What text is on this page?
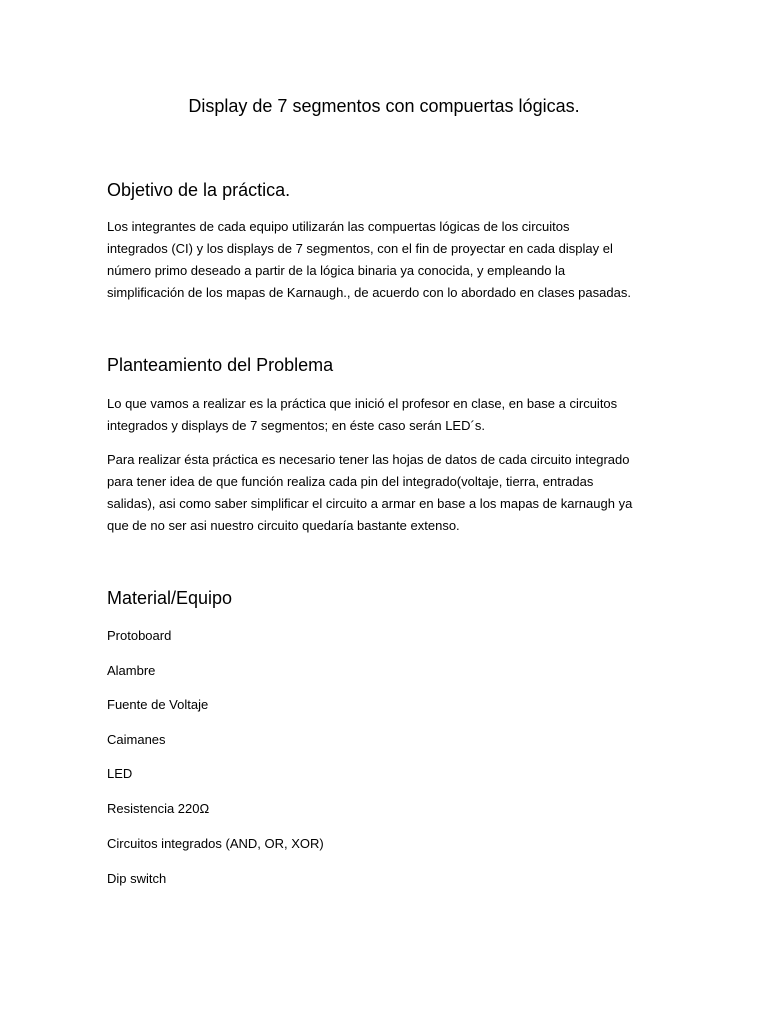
Display de 7 segmentos con compuertas lógicas.
Objetivo de la práctica.

Los integrantes de cada equipo utilizarán las compuertas lógicas de los circuitos
integrados (CI) y los displays de 7 segmentos, con el fin de proyectar en cada display el
número primo deseado a partir de la lógica binaria ya conocida, y empleando la
simplificación de los mapas de Karnaugh., de acuerdo con lo abordado en clases pasadas.

Planteamiento del Problema

Lo que vamos a realizar es la práctica que inició el profesor en clase, en base a circuitos
integrados y displays de 7 segmentos; en éste caso serán LED´s.

Para realizar ésta práctica es necesario tener las hojas de datos de cada circuito integrado
para tener idea de que función realiza cada pin del integrado(voltaje, tierra, entradas
salidas), asi como saber simplificar el circuito a armar en base a los mapas de karnaugh ya
que de no ser asi nuestro circuito quedaría bastante extenso.

Material/Equipo

Protoboard

Alambre

Fuente de Voltaje

Caimanes

LED

Resistencia 220Ω

Circuitos integrados (AND, OR, XOR)

Dip switch
